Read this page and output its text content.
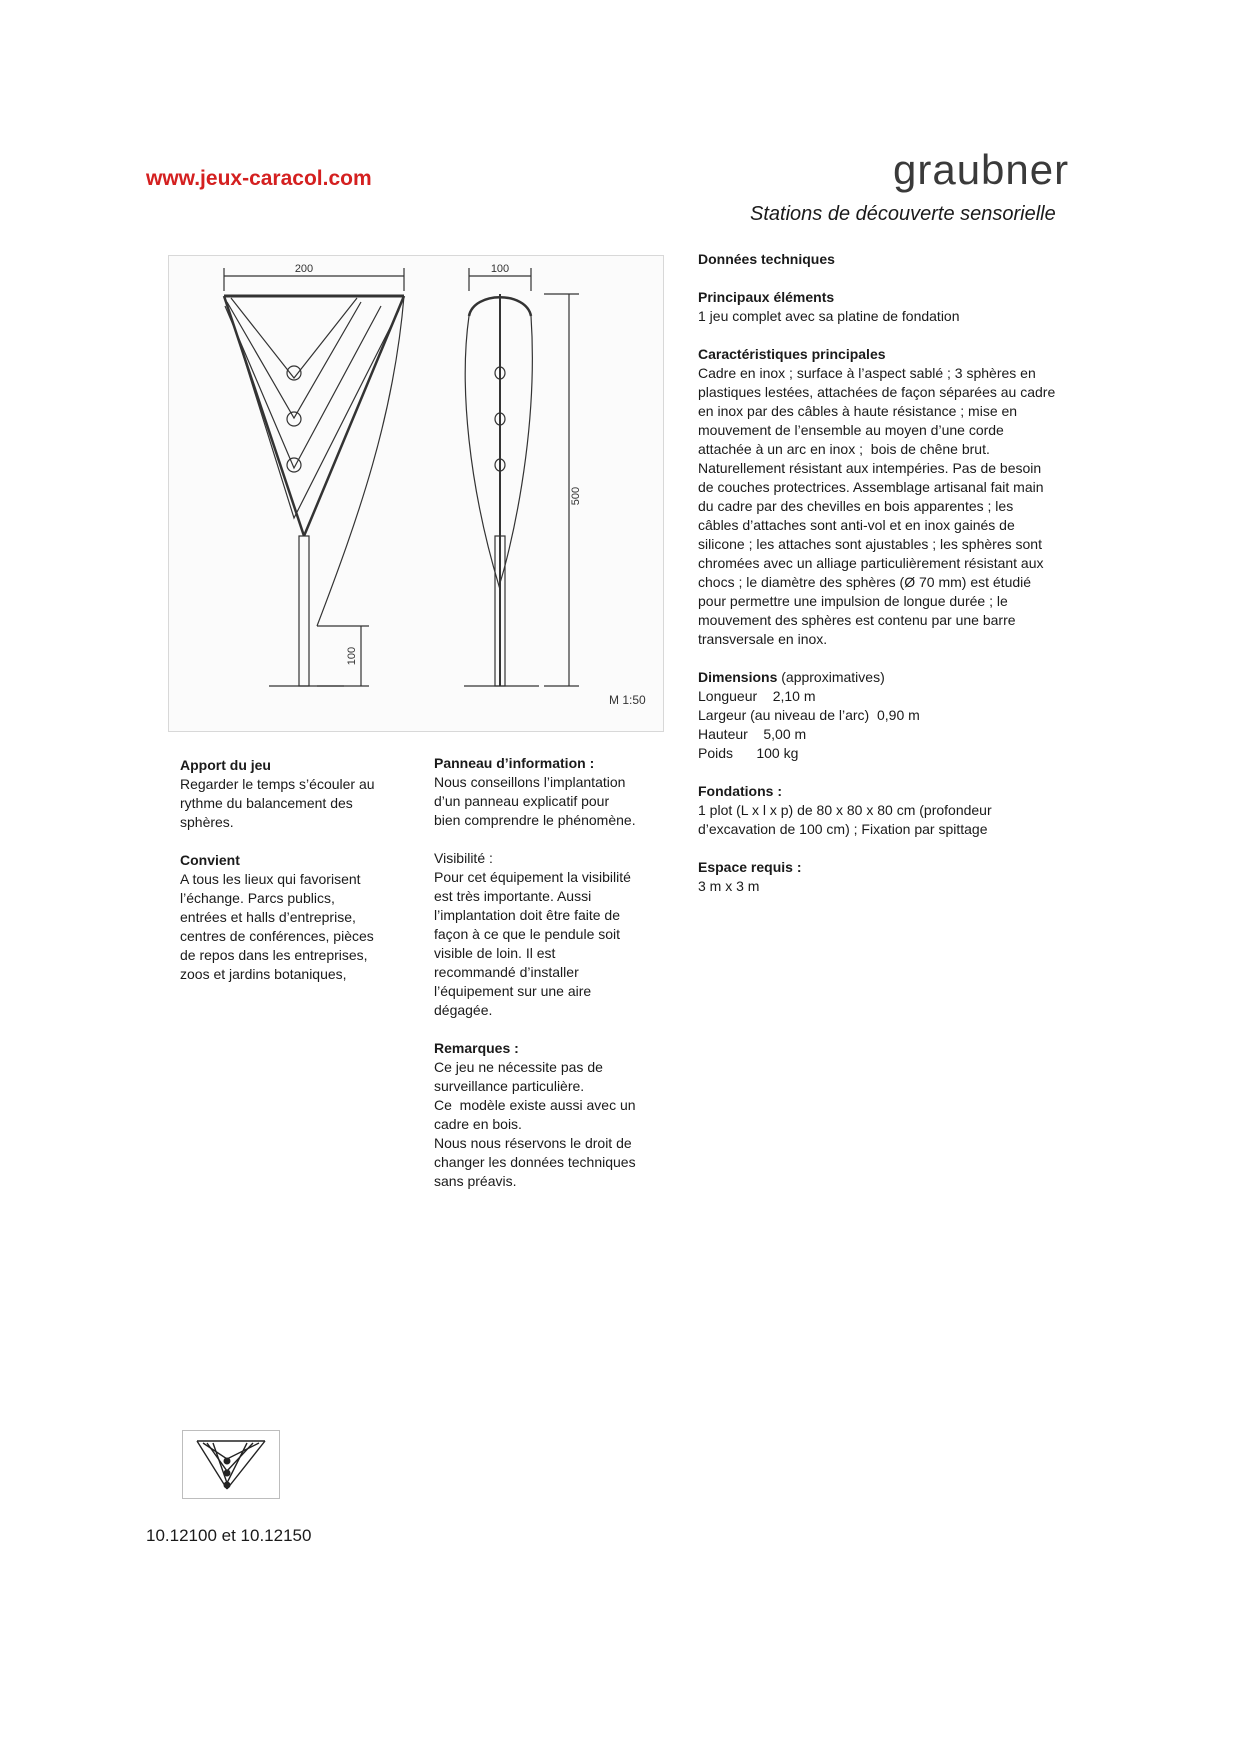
www.jeux-caracol.com	graubner
Stations de découverte sensorielle
200	100
500
100
M 1:50

Apport du jeu

Regarder le temps s’écouler au
rythme du balancement des
sphères.

Convient

A tous les lieux qui favorisent
l’échange. Parcs publics,
entrées et halls d’entreprise,
centres de conférences, pièces
de repos dans les entreprises,
zoos et jardins botaniques,

Panneau d’information :

Nous conseillons l’implantation
d’un panneau explicatif pour
bien comprendre le phénomène.

Visibilité :

Pour cet équipement la visibilité
est très importante. Aussi
l’implantation doit être faite de
façon à ce que le pendule soit
visible de loin. Il est
recommandé d’installer
l’équipement sur une aire
dégagée.

Remarques :

Ce jeu ne nécessite pas de
surveillance particulière.
Ce  modèle existe aussi avec un
cadre en bois.
Nous nous réservons le droit de
changer les données techniques
sans préavis.

Données techniques

Principaux éléments

1 jeu complet avec sa platine de fondation

Caractéristiques principales

Cadre en inox ; surface à l’aspect sablé ; 3 sphères en
plastiques lestées, attachées de façon séparées au cadre
en inox par des câbles à haute résistance ; mise en
mouvement de l’ensemble au moyen d’une corde
attachée à un arc en inox ;  bois de chêne brut.
Naturellement résistant aux intempéries. Pas de besoin
de couches protectrices. Assemblage artisanal fait main
du cadre par des chevilles en bois apparentes ; les
câbles d’attaches sont anti-vol et en inox gainés de
silicone ; les attaches sont ajustables ; les sphères sont
chromées avec un alliage particulièrement résistant aux
chocs ; le diamètre des sphères (Ø 70 mm) est étudié
pour permettre une impulsion de longue durée ; le
mouvement des sphères est contenu par une barre
transversale en inox.

Dimensions (approximatives)

Longueur    2,10 m
Largeur (au niveau de l’arc)  0,90 m
Hauteur    5,00 m
Poids      100 kg

Fondations :

1 plot (L x l x p) de 80 x 80 x 80 cm (profondeur
d’excavation de 100 cm) ; Fixation par spittage

Espace requis :

3 m x 3 m

10.12100 et 10.12150
